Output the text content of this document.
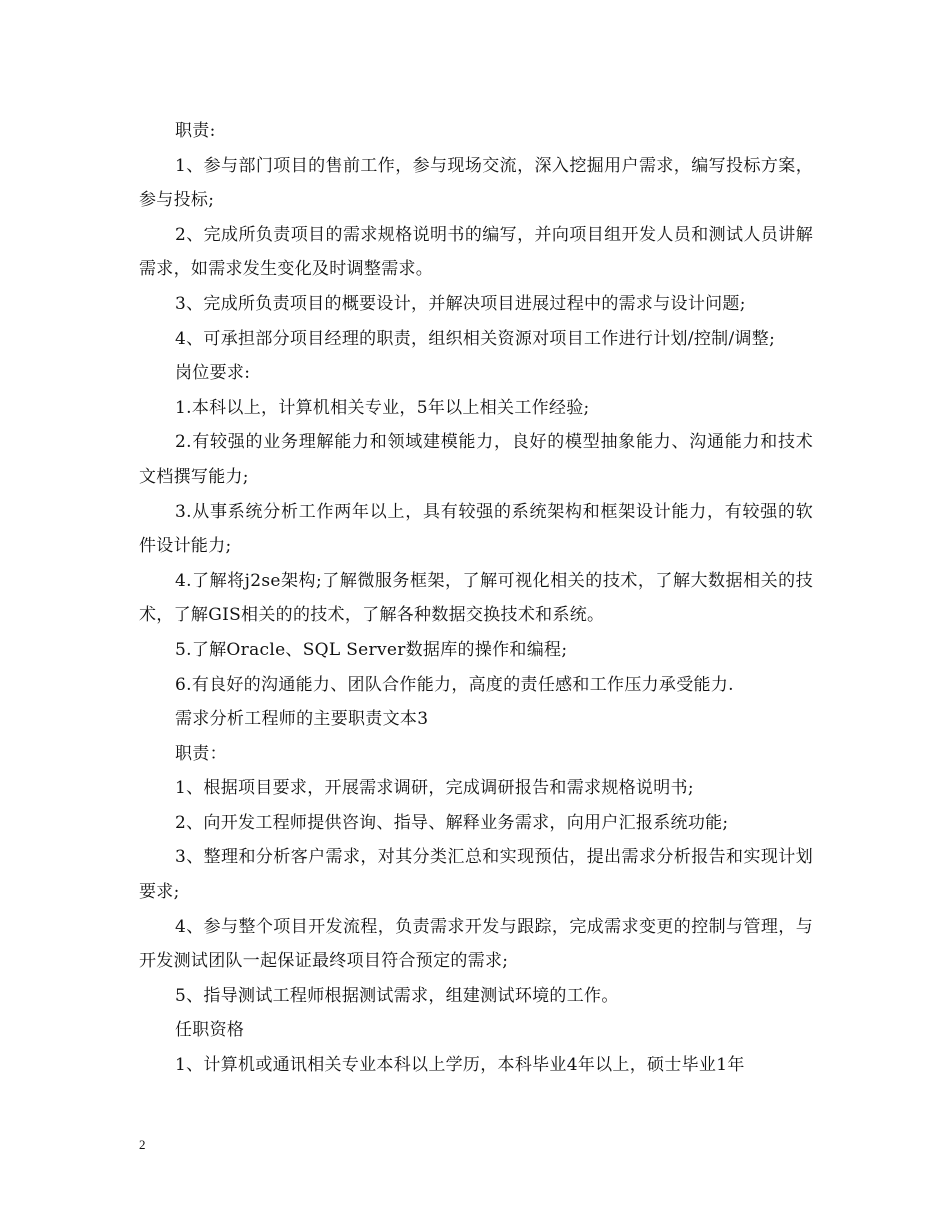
职责:

1、参与部门项目的售前工作，参与现场交流，深入挖掘用户需求，编写投标方案，参与投标;

2、完成所负责项目的需求规格说明书的编写，并向项目组开发人员和测试人员讲解需求，如需求发生变化及时调整需求。

3、完成所负责项目的概要设计，并解决项目进展过程中的需求与设计问题;

4、可承担部分项目经理的职责，组织相关资源对项目工作进行计划/控制/调整;

岗位要求:

1.本科以上，计算机相关专业，5年以上相关工作经验;

2.有较强的业务理解能力和领域建模能力，良好的模型抽象能力、沟通能力和技术文档撰写能力;

3.从事系统分析工作两年以上，具有较强的系统架构和框架设计能力，有较强的软件设计能力;

4.了解将j2se架构;了解微服务框架，了解可视化相关的技术，了解大数据相关的技术，了解GIS相关的的技术，了解各种数据交换技术和系统。

5.了解Oracle、SQL Server数据库的操作和编程;

6.有良好的沟通能力、团队合作能力，高度的责任感和工作压力承受能力.

需求分析工程师的主要职责文本3

职责：

1、根据项目要求，开展需求调研，完成调研报告和需求规格说明书;

2、向开发工程师提供咨询、指导、解释业务需求，向用户汇报系统功能;

3、整理和分析客户需求，对其分类汇总和实现预估，提出需求分析报告和实现计划要求;

4、参与整个项目开发流程，负责需求开发与跟踪，完成需求变更的控制与管理，与开发测试团队一起保证最终项目符合预定的需求;

5、指导测试工程师根据测试需求，组建测试环境的工作。

任职资格

1、计算机或通讯相关专业本科以上学历，本科毕业4年以上，硕士毕业1年

2
